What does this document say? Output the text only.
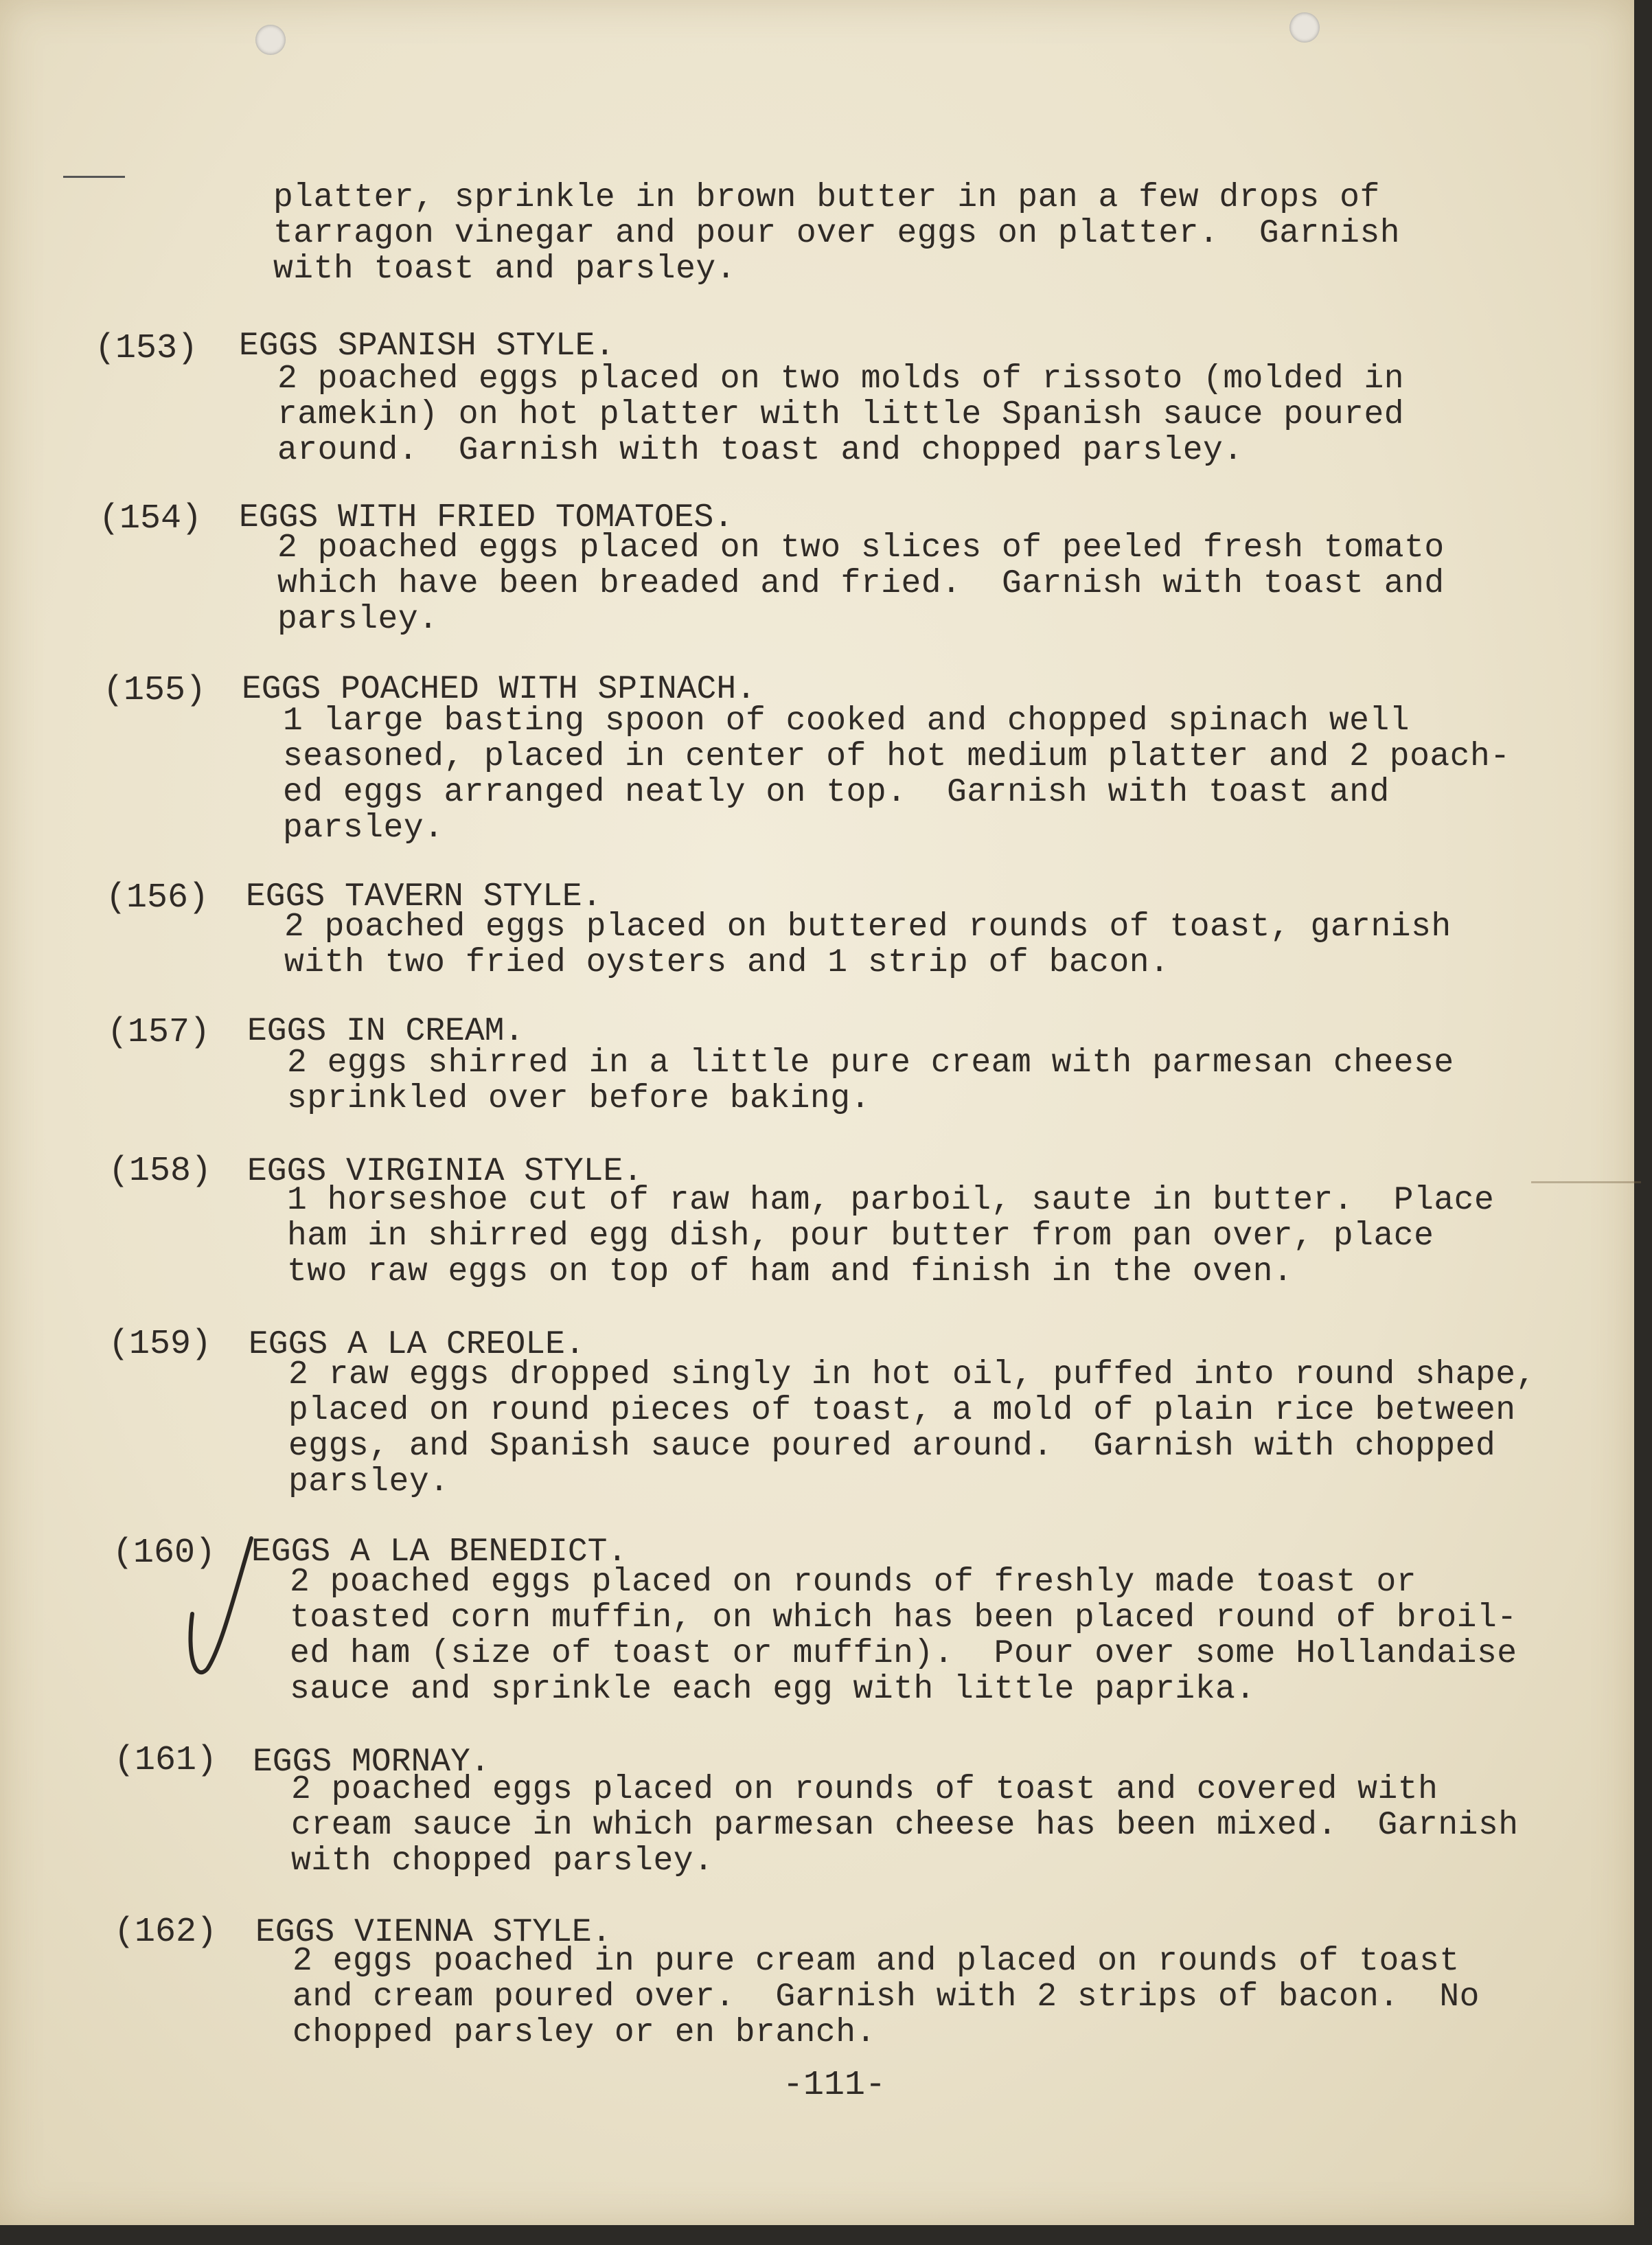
platter, sprinkle in brown butter in pan a few drops of
tarragon vinegar and pour over eggs on platter.  Garnish
with toast and parsley.
(153) EGGS SPANISH STYLE.
2 poached eggs placed on two molds of rissoto (molded in
ramekin) on hot platter with little Spanish sauce poured
around.  Garnish with toast and chopped parsley.
(154) EGGS WITH FRIED TOMATOES.
2 poached eggs placed on two slices of peeled fresh tomato
which have been breaded and fried.  Garnish with toast and
parsley.
(155) EGGS POACHED WITH SPINACH.
1 large basting spoon of cooked and chopped spinach well
seasoned, placed in center of hot medium platter and 2 poach-
ed eggs arranged neatly on top.  Garnish with toast and
parsley.
(156) EGGS TAVERN STYLE.
2 poached eggs placed on buttered rounds of toast, garnish
with two fried oysters and 1 strip of bacon.
(157) EGGS IN CREAM.
2 eggs shirred in a little pure cream with parmesan cheese
sprinkled over before baking.
(158) EGGS VIRGINIA STYLE.
1 horseshoe cut of raw ham, parboil, saute in butter.  Place
ham in shirred egg dish, pour butter from pan over, place
two raw eggs on top of ham and finish in the oven.
(159) EGGS A LA CREOLE.
2 raw eggs dropped singly in hot oil, puffed into round shape,
placed on round pieces of toast, a mold of plain rice between
eggs, and Spanish sauce poured around.  Garnish with chopped
parsley.
(160) EGGS A LA BENEDICT.
2 poached eggs placed on rounds of freshly made toast or
toasted corn muffin, on which has been placed round of broil-
ed ham (size of toast or muffin).  Pour over some Hollandaise
sauce and sprinkle each egg with little paprika.
(161) EGGS MORNAY.
2 poached eggs placed on rounds of toast and covered with
cream sauce in which parmesan cheese has been mixed.  Garnish
with chopped parsley.
(162) EGGS VIENNA STYLE.
2 eggs poached in pure cream and placed on rounds of toast
and cream poured over.  Garnish with 2 strips of bacon.  No
chopped parsley or en branch.
-111-
